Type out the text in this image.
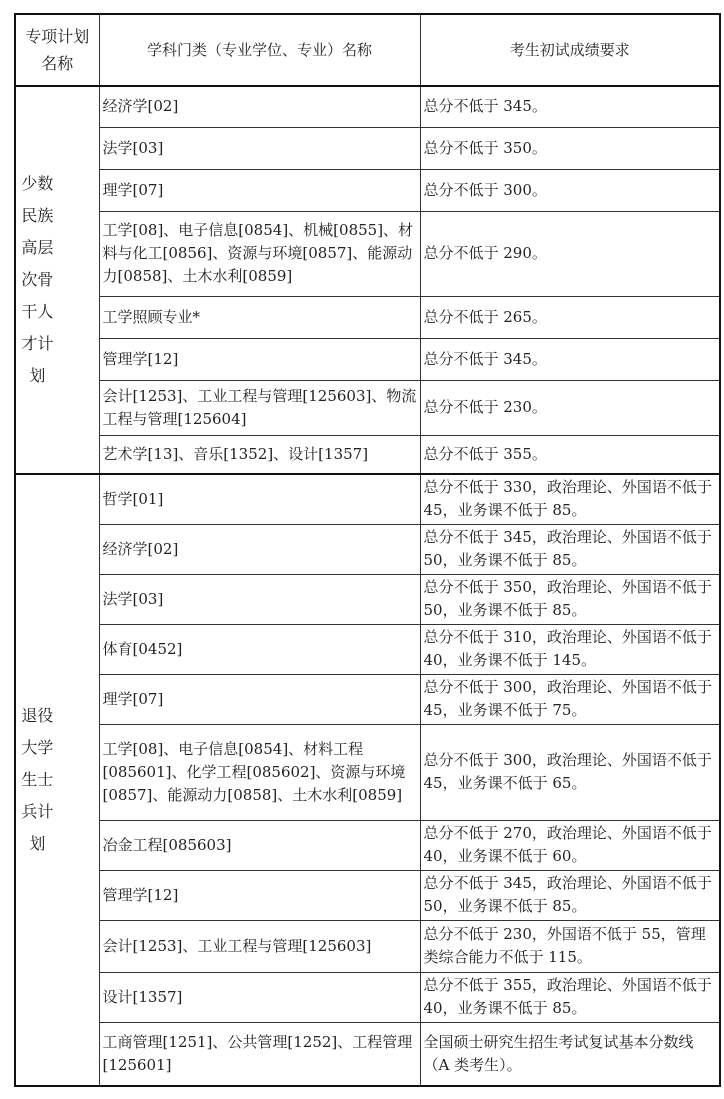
专项计划名称	学科门类（专业学位、专业）名称	考生初试成绩要求
少数民族高层次骨干人才计划	经济学[02]	总分不低于 345。
	法学[03]	总分不低于 350。
	理学[07]	总分不低于 300。
	工学[08]、电子信息[0854]、机械[0855]、材料与化工[0856]、资源与环境[0857]、能源动力[0858]、土木水利[0859]	总分不低于 290。
	工学照顾专业*	总分不低于 265。
	管理学[12]	总分不低于 345。
	会计[1253]、工业工程与管理[125603]、物流工程与管理[125604]	总分不低于 230。
	艺术学[13]、音乐[1352]、设计[1357]	总分不低于 355。
退役大学生士兵计划	哲学[01]	总分不低于 330，政治理论、外国语不低于 45，业务课不低于 85。
	经济学[02]	总分不低于 345，政治理论、外国语不低于 50，业务课不低于 85。
	法学[03]	总分不低于 350，政治理论、外国语不低于 50，业务课不低于 85。
	体育[0452]	总分不低于 310，政治理论、外国语不低于 40，业务课不低于 145。
	理学[07]	总分不低于 300，政治理论、外国语不低于 45，业务课不低于 75。
	工学[08]、电子信息[0854]、材料工程[085601]、化学工程[085602]、资源与环境[0857]、能源动力[0858]、土木水利[0859]	总分不低于 300，政治理论、外国语不低于 45，业务课不低于 65。
	冶金工程[085603]	总分不低于 270，政治理论、外国语不低于 40，业务课不低于 60。
	管理学[12]	总分不低于 345，政治理论、外国语不低于 50，业务课不低于 85。
	会计[1253]、工业工程与管理[125603]	总分不低于 230，外国语不低于 55，管理类综合能力不低于 115。
	设计[1357]	总分不低于 355，政治理论、外国语不低于 40，业务课不低于 85。
	工商管理[1251]、公共管理[1252]、工程管理[125601]	全国硕士研究生招生考试复试基本分数线（A 类考生）。
